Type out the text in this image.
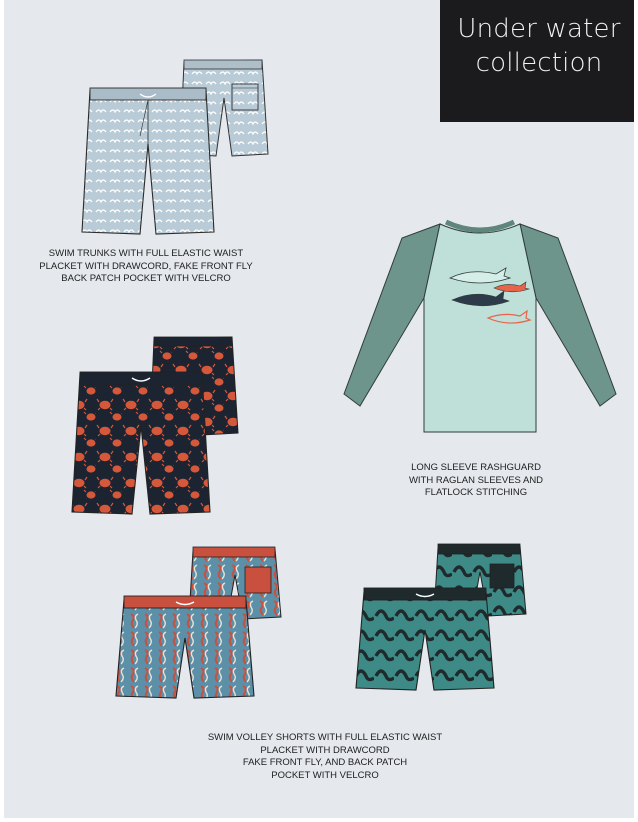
Under water
collection
SWIM TRUNKS WITH FULL ELASTIC WAIST
PLACKET WITH DRAWCORD, FAKE FRONT FLY
BACK PATCH POCKET WITH VELCRO
LONG SLEEVE RASHGUARD
WITH RAGLAN SLEEVES AND
FLATLOCK STITCHING
SWIM VOLLEY SHORTS WITH FULL ELASTIC WAIST
PLACKET WITH DRAWCORD
FAKE FRONT FLY, AND BACK PATCH
POCKET WITH VELCRO
